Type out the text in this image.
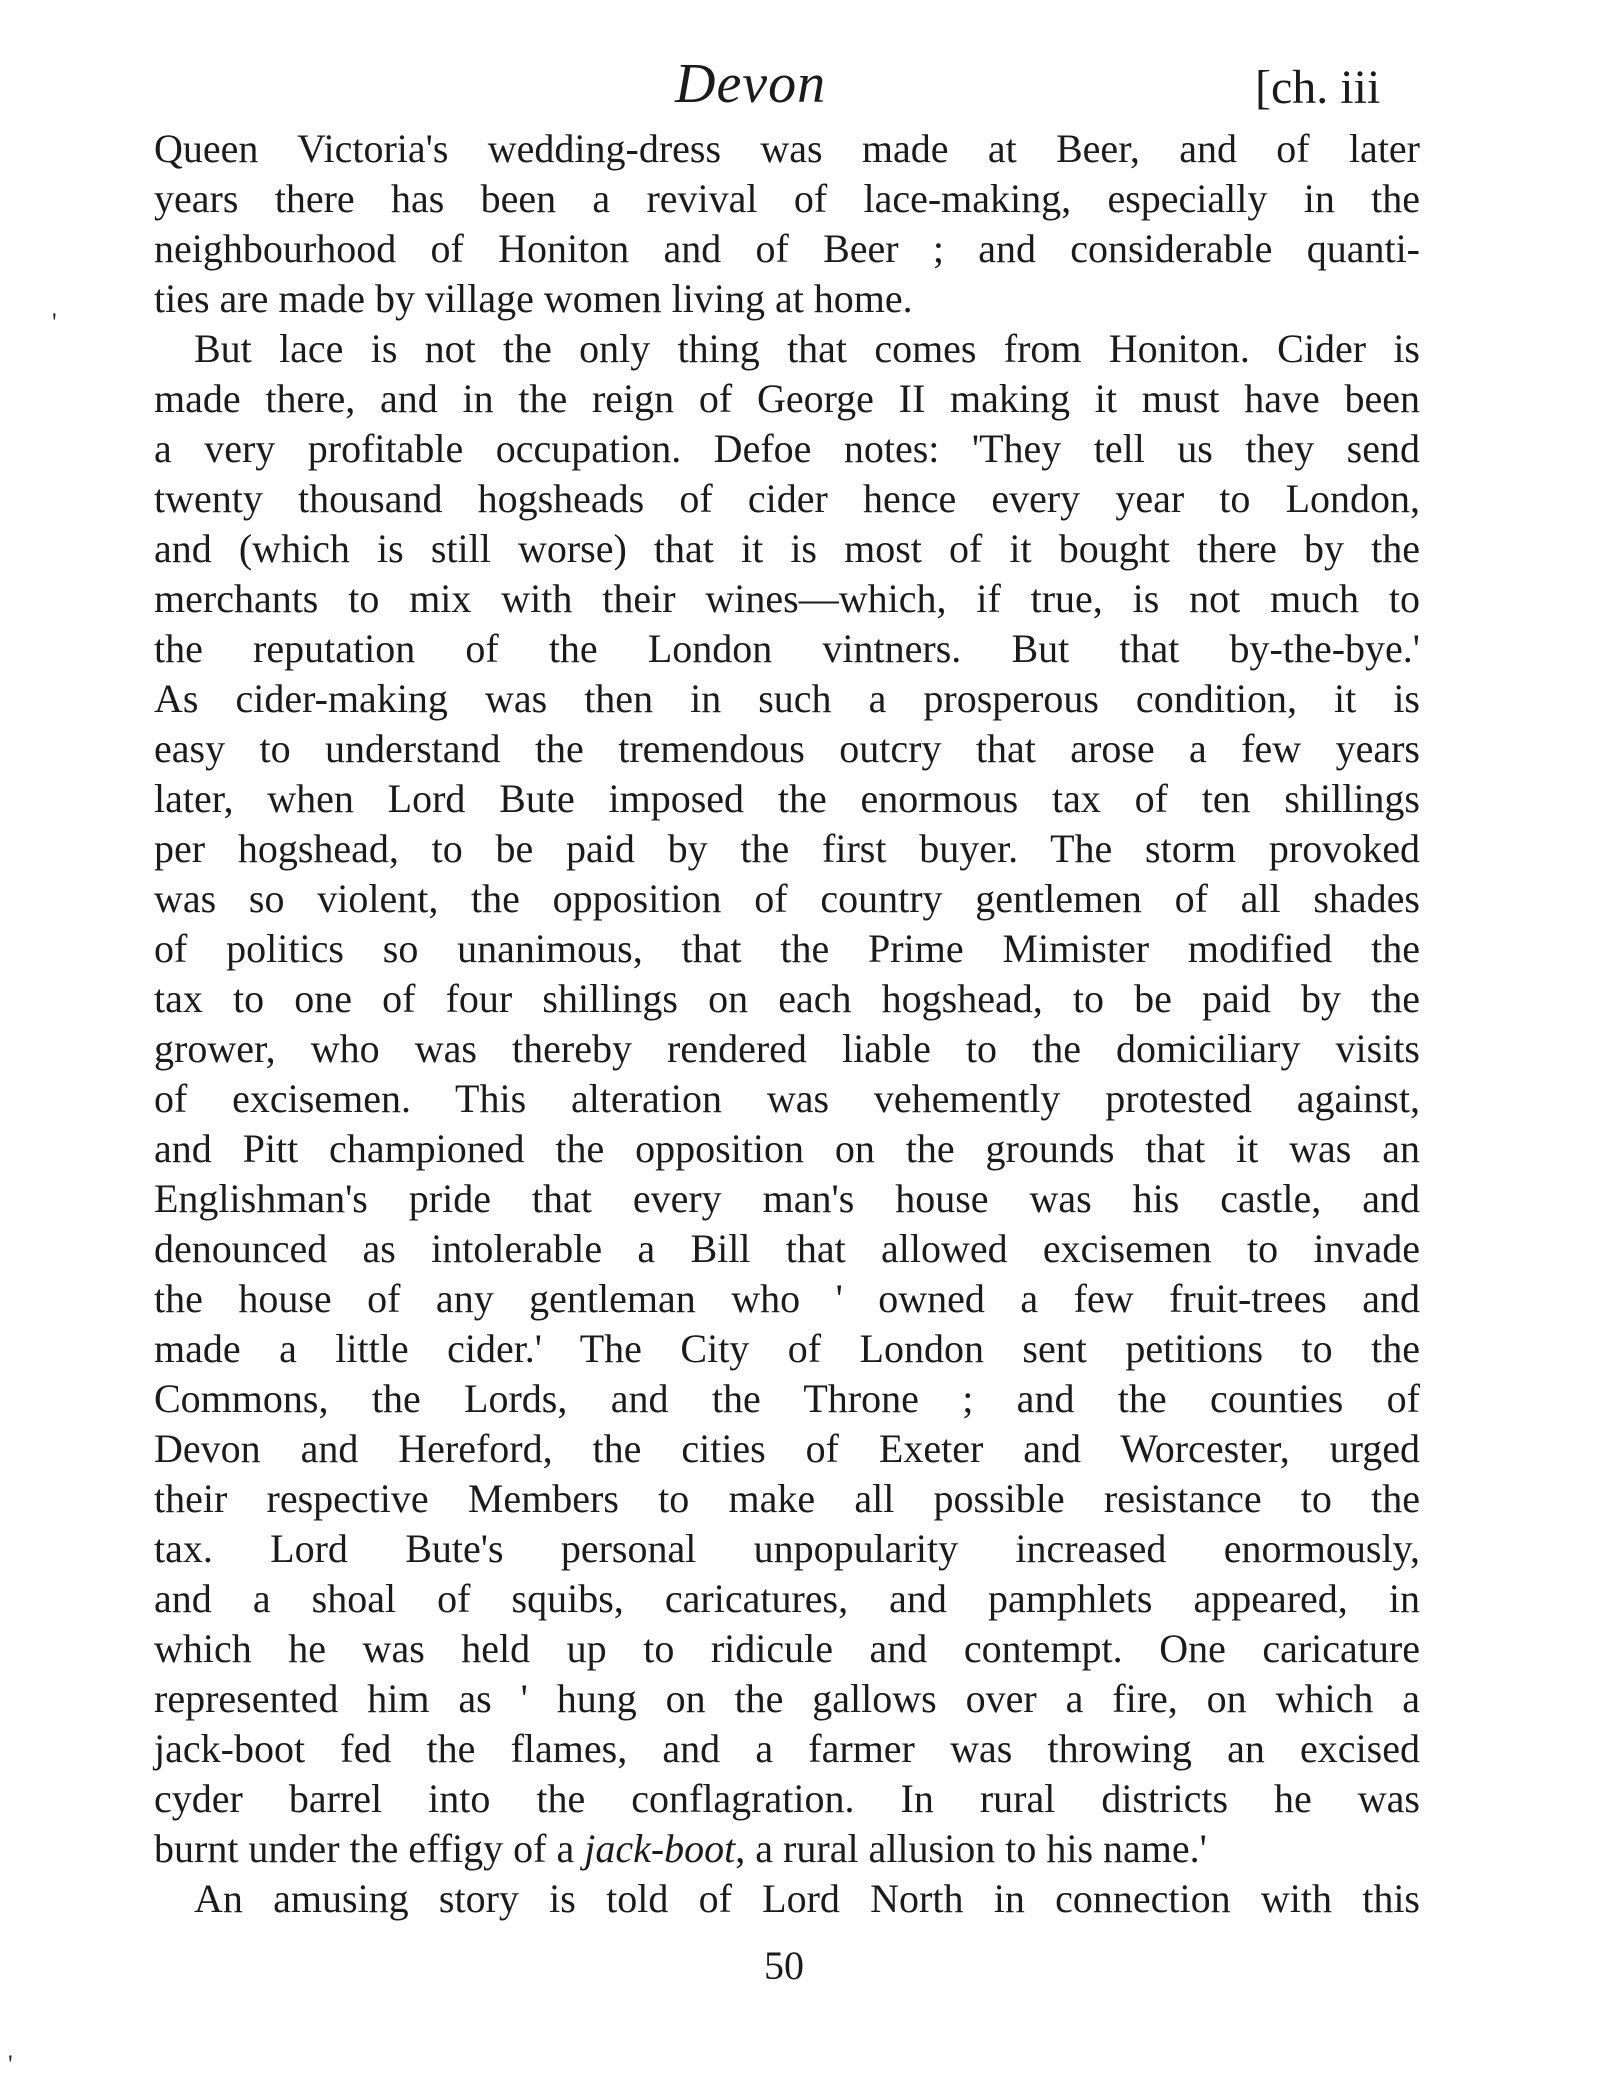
Devon	[ch. iii
'
'
Queen Victoria's wedding-dress was made at Beer, and of later
years there has been a revival of lace-making, especially in the
neighbourhood of Honiton and of Beer ; and considerable quanti-
ties are made by village women living at home.
But lace is not the only thing that comes from Honiton. Cider is
made there, and in the reign of George II making it must have been
a very profitable occupation. Defoe notes: 'They tell us they send
twenty thousand hogsheads of cider hence every year to London,
and (which is still worse) that it is most of it bought there by the
merchants to mix with their wines—which, if true, is not much to
the reputation of the London vintners. But that by-the-bye.'
As cider-making was then in such a prosperous condition, it is
easy to understand the tremendous outcry that arose a few years
later, when Lord Bute imposed the enormous tax of ten shillings
per hogshead, to be paid by the first buyer. The storm provoked
was so violent, the opposition of country gentlemen of all shades
of politics so unanimous, that the Prime Mimister modified the
tax to one of four shillings on each hogshead, to be paid by the
grower, who was thereby rendered liable to the domiciliary visits
of excisemen. This alteration was vehemently protested against,
and Pitt championed the opposition on the grounds that it was an
Englishman's pride that every man's house was his castle, and
denounced as intolerable a Bill that allowed excisemen to invade
the house of any gentleman who ' owned a few fruit-trees and
made a little cider.' The City of London sent petitions to the
Commons, the Lords, and the Throne ; and the counties of
Devon and Hereford, the cities of Exeter and Worcester, urged
their respective Members to make all possible resistance to the
tax. Lord Bute's personal unpopularity increased enormously,
and a shoal of squibs, caricatures, and pamphlets appeared, in
which he was held up to ridicule and contempt. One caricature
represented him as ' hung on the gallows over a fire, on which a
jack-boot fed the flames, and a farmer was throwing an excised
cyder barrel into the conflagration. In rural districts he was
burnt under the effigy of a jack-boot, a rural allusion to his name.'
An amusing story is told of Lord North in connection with this
50
